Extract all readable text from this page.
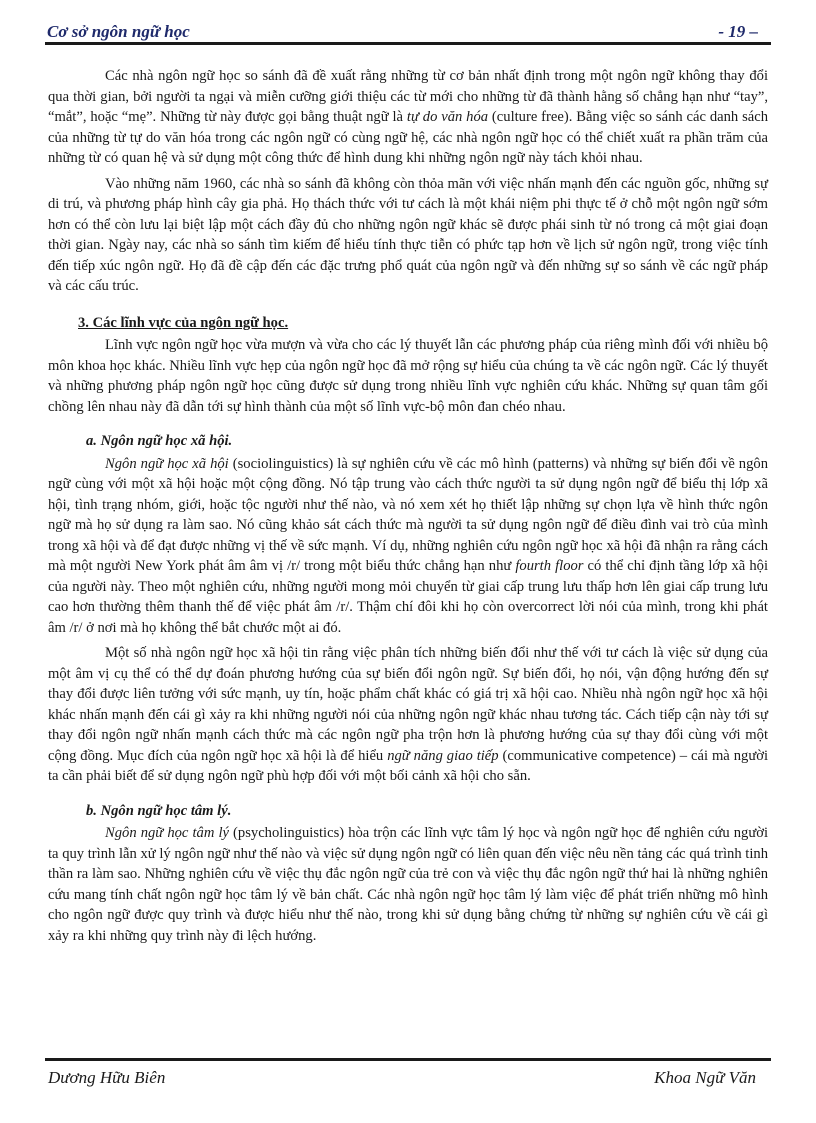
Cơ sở ngôn ngữ học	- 19 –

Các nhà ngôn ngữ học so sánh đã đề xuất rằng những từ cơ bản nhất định trong một ngôn ngữ không thay đổi qua thời gian, bởi người ta ngại và miễn cưỡng giới thiệu các từ mới cho những từ đã thành hằng số chẳng hạn như “tay”, “mắt”, hoặc “mẹ”. Những từ này được gọi bằng thuật ngữ là tự do văn hóa (culture free). Bằng việc so sánh các danh sách của những từ tự do văn hóa trong các ngôn ngữ có cùng ngữ hệ, các nhà ngôn ngữ học có thể chiết xuất ra phần trăm của những từ có quan hệ và sử dụng một công thức để hình dung khi những ngôn ngữ này tách khỏi nhau.

Vào những năm 1960, các nhà so sánh đã không còn thỏa mãn với việc nhấn mạnh đến các nguồn gốc, những sự di trú, và phương pháp hình cây gia phả. Họ thách thức với tư cách là một khái niệm phi thực tế ở chỗ một ngôn ngữ sớm hơn có thể còn lưu lại biệt lập một cách đầy đủ cho những ngôn ngữ khác sẽ được phái sinh từ nó trong cả một giai đoạn thời gian. Ngày nay, các nhà so sánh tìm kiếm để hiểu tính thực tiễn có phức tạp hơn về lịch sử ngôn ngữ, trong việc tính đến tiếp xúc ngôn ngữ. Họ đã đề cập đến các đặc trưng phổ quát của ngôn ngữ và đến những sự so sánh về các ngữ pháp và các cấu trúc.

3. Các lĩnh vực của ngôn ngữ học.

Lĩnh vực ngôn ngữ học vừa mượn và vừa cho các lý thuyết lẫn các phương pháp của riêng mình đối với nhiều bộ môn khoa học khác. Nhiều lĩnh vực hẹp của ngôn ngữ học đã mở rộng sự hiểu của chúng ta về các ngôn ngữ. Các lý thuyết và những phương pháp ngôn ngữ học cũng được sử dụng trong nhiều lĩnh vực nghiên cứu khác. Những sự quan tâm gối chồng lên nhau này đã dẫn tới sự hình thành của một số lĩnh vực-bộ môn đan chéo nhau.

a. Ngôn ngữ học xã hội.

Ngôn ngữ học xã hội (sociolinguistics) là sự nghiên cứu về các mô hình (patterns) và những sự biến đổi về ngôn ngữ cùng với một xã hội hoặc một cộng đồng. Nó tập trung vào cách thức người ta sử dụng ngôn ngữ để biểu thị lớp xã hội, tình trạng nhóm, giới, hoặc tộc người như thế nào, và nó xem xét họ thiết lập những sự chọn lựa về hình thức ngôn ngữ mà họ sử dụng ra làm sao. Nó cũng khảo sát cách thức mà người ta sử dụng ngôn ngữ để điều đình vai trò của mình trong xã hội và để đạt được những vị thế về sức mạnh. Ví dụ, những nghiên cứu ngôn ngữ học xã hội đã nhận ra rằng cách mà một người New York phát âm âm vị /r/ trong một biểu thức chẳng hạn như fourth floor có thể chỉ định tầng lớp xã hội của người này. Theo một nghiên cứu, những người mong mỏi chuyển từ giai cấp trung lưu thấp hơn lên giai cấp trung lưu cao hơn thường thêm thanh thế để việc phát âm /r/. Thậm chí đôi khi họ còn overcorrect lời nói của mình, trong khi phát âm /r/ ở nơi mà họ không thể bắt chước một ai đó.

Một số nhà ngôn ngữ học xã hội tin rằng việc phân tích những biến đổi như thế với tư cách là việc sử dụng của một âm vị cụ thể có thể dự đoán phương hướng của sự biến đổi ngôn ngữ. Sự biến đổi, họ nói, vận động hướng đến sự thay đổi được liên tưởng với sức mạnh, uy tín, hoặc phẩm chất khác có giá trị xã hội cao. Nhiều nhà ngôn ngữ học xã hội khác nhấn mạnh đến cái gì xảy ra khi những người nói của những ngôn ngữ khác nhau tương tác. Cách tiếp cận này tới sự thay đổi ngôn ngữ nhấn mạnh cách thức mà các ngôn ngữ pha trộn hơn là phương hướng của sự thay đổi cùng với một cộng đồng. Mục đích của ngôn ngữ học xã hội là để hiểu ngữ năng giao tiếp (communicative competence) – cái mà người ta cần phải biết để sử dụng ngôn ngữ phù hợp đối với một bối cảnh xã hội cho sẵn.

b. Ngôn ngữ học tâm lý.

Ngôn ngữ học tâm lý (psycholinguistics) hòa trộn các lĩnh vực tâm lý học và ngôn ngữ học để nghiên cứu người ta quy trình lẫn xử lý ngôn ngữ như thế nào và việc sử dụng ngôn ngữ có liên quan đến việc nêu nền tảng các quá trình tinh thần ra làm sao. Những nghiên cứu về việc thụ đắc ngôn ngữ của trẻ con và việc thụ đắc ngôn ngữ thứ hai là những nghiên cứu mang tính chất ngôn ngữ học tâm lý về bản chất. Các nhà ngôn ngữ học tâm lý làm việc để phát triển những mô hình cho ngôn ngữ được quy trình và được hiểu như thế nào, trong khi sử dụng bằng chứng từ những sự nghiên cứu về cái gì xảy ra khi những quy trình này đi lệch hướng.

Dương Hữu Biên	Khoa Ngữ Văn
